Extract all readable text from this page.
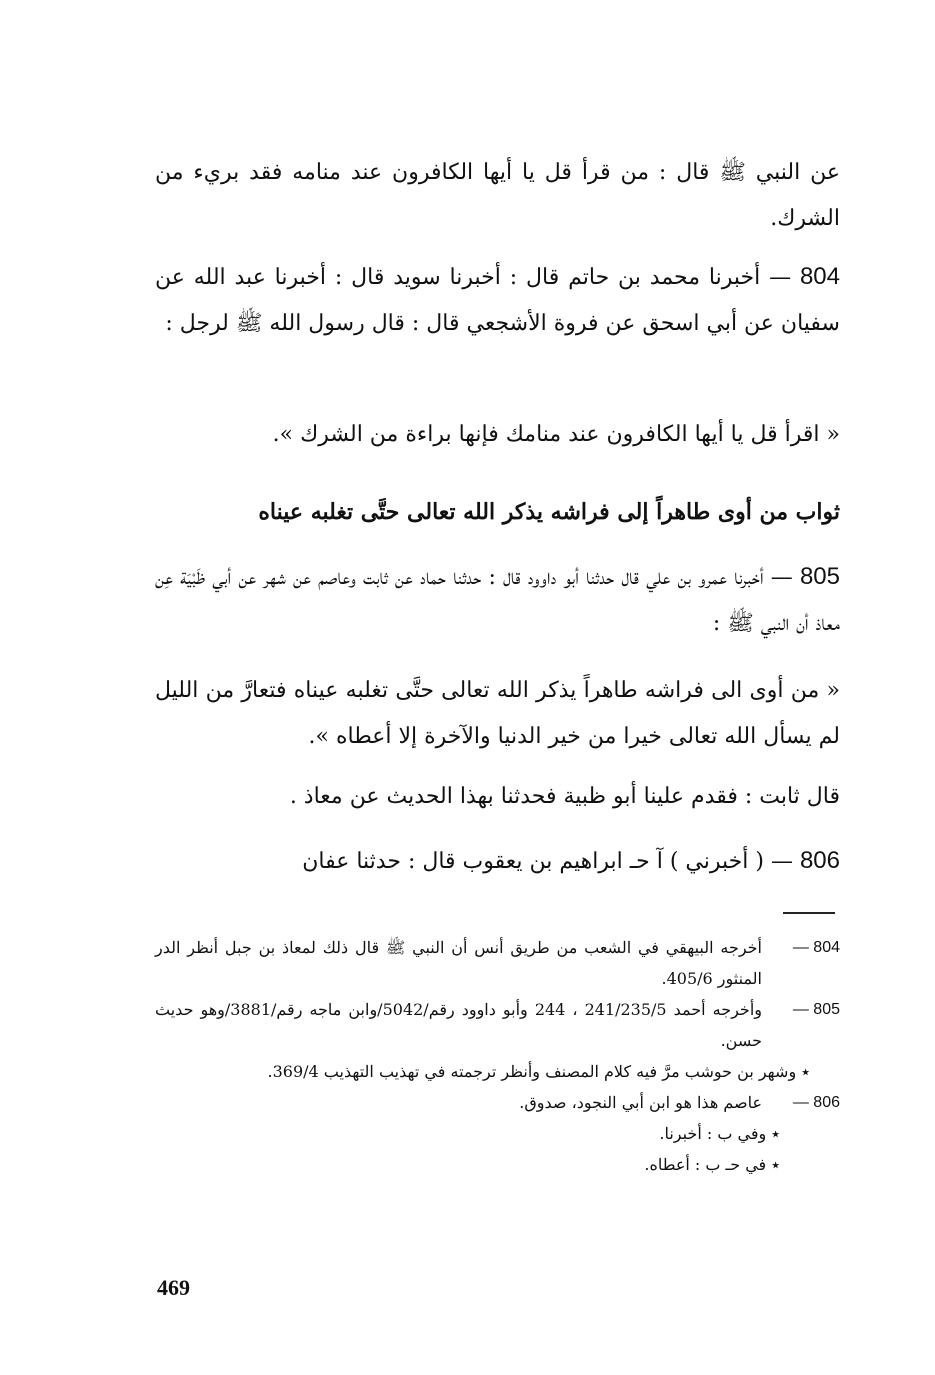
عن النبي ﷺ قال : من قرأ قل يا أيها الكافرون عند منامه فقد بريء من الشرك.
804 — أخبرنا محمد بن حاتم قال : أخبرنا سويد قال : أخبرنا عبد الله عن سفيان عن أبي اسحق عن فروة الأشجعي قال : قال رسول الله ﷺ لرجل :
« اقرأ قل يا أيها الكافرون عند منامك فإنها براءة من الشرك ».
ثواب من أوى طاهراً إلى فراشه يذكر الله تعالى حتَّى تغلبه عيناه
805 — أخبرنا عمرو بن علي قال حدثنا أبو داوود قال : حدثنا حماد عن ثابت وعاصم عن شهر عن أبي ظَبْيَة عِن معاذ أن النبي ﷺ :
« من أوى الى فراشه طاهراً يذكر الله تعالى حتَّى تغلبه عيناه فتعارَّ من الليل لم يسأل الله تعالى خيرا من خير الدنيا والآخرة إلا أعطاه ».
قال ثابت : فقدم علينا أبو ظبية فحدثنا بهذا الحديث عن معاذ .
806 — ( أخبرني ) آ حـ ابراهيم بن يعقوب قال : حدثنا عفان
804 —
أخرجه البيهقي في الشعب من طريق أنس أن النبي ﷺ قال ذلك لمعاذ بن جبل أنظر الدر المنثور 405/6.
805 —
وأخرجه أحمد 241/235/5 ، 244 وأبو داوود رقم/5042/وابن ماجه رقم/3881/وهو حديث حسن.
٭ وشهر بن حوشب مرَّ فيه كلام المصنف وأنظر ترجمته في تهذيب التهذيب 369/4.
806 —
عاصم هذا هو ابن أبي النجود، صدوق.
٭ وفي ب : أخبرنا.
٭ في حـ ب : أعطاه.
469
